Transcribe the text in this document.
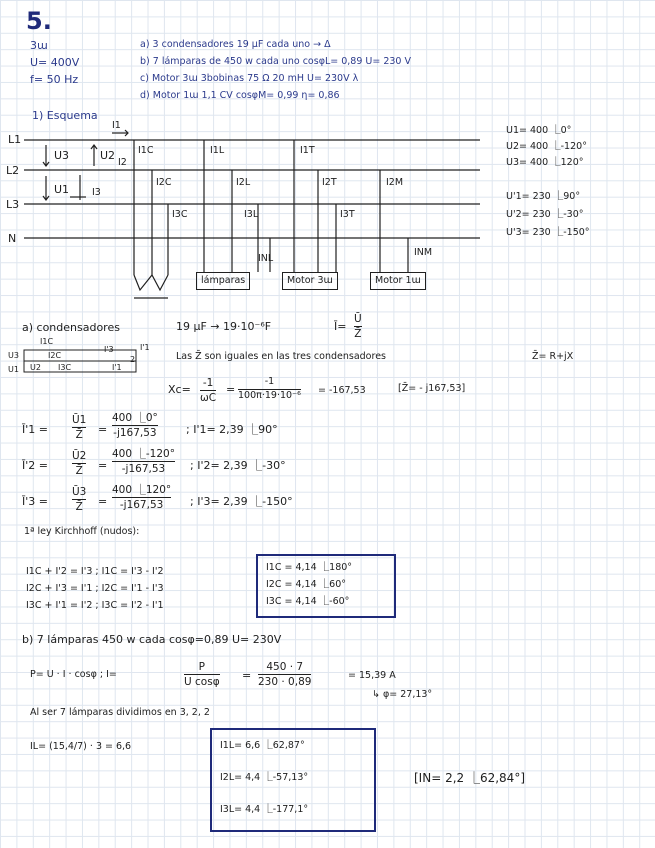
5.
3ɯ
U= 400V
f= 50 Hz
a) 3 condensadores 19 μF cada uno → Δ
b) 7 lámparas de 450 w cada uno cosφL= 0,89 U= 230 V
c) Motor 3ɯ 3bobinas 75 Ω 20 mH U= 230V λ
d) Motor 1ɯ 1,1 CV cosφM= 0,99 η= 0,86
1) Esquema
L1
L2
L3
N
U3	U2
U1
I2
I3
I1
I1C	I1L	I1T
I2C	I2L	I2T	I2M
I3C	I3L	I3T
INL
INM
lámparas	Motor 3ɯ	Motor 1ɯ
U1= 400 ⎿0°
U2= 400 ⎿-120°
U3= 400 ⎿120°
U'1= 230 ⎿90°
U'2= 230 ⎿-30°
U'3= 230 ⎿-150°
a) condensadores	19 μF → 19·10⁻⁶F	Ī=
Ū
Z̄
I1C
U3	I2C
I'3	I'1
U1 U2 I3C
2
I'1
Las Z̄ son iguales en las tres condensadores	Z̄= R+jX
Xc= -1
ωC
=
-1
100π·19·10⁻⁶ = -167,53	[Z̄= - j167,53]
Ī'1 =
Ū1
Z̄ =
400 ⎿0°
-j167,53	; I'1= 2,39 ⎿90°
Ī'2 =
Ū2
Z̄ =
400 ⎿-120°
-j167,53 ; I'2= 2,39 ⎿-30°
Ī'3 =
Ū3
Z̄ =
400 ⎿120°
-j167,53 ; I'3= 2,39 ⎿-150°
1ª ley Kirchhoff (nudos):
I1C + I'2 = I'3 ; I1C = I'3 - I'2
I2C + I'3 = I'1 ; I2C = I'1 - I'3
I3C + I'1 = I'2 ; I3C = I'2 - I'1
I1C = 4,14 ⎿180°
I2C = 4,14 ⎿60°
I3C = 4,14 ⎿-60°
b) 7 lámparas 450 w cada cosφ=0,89 U= 230V
P= U · I · cosφ ; I=
P
U cosφ
=
450 · 7
230 · 0,89
= 15,39 A
↳ φ= 27,13°
Al ser 7 lámparas dividimos en 3, 2, 2
IL= (15,4/7) · 3 = 6,6	I1L= 6,6 ⎿62,87°
I2L= 4,4 ⎿-57,13°
I3L= 4,4 ⎿-177,1°
[IN= 2,2 ⎿62,84°]
